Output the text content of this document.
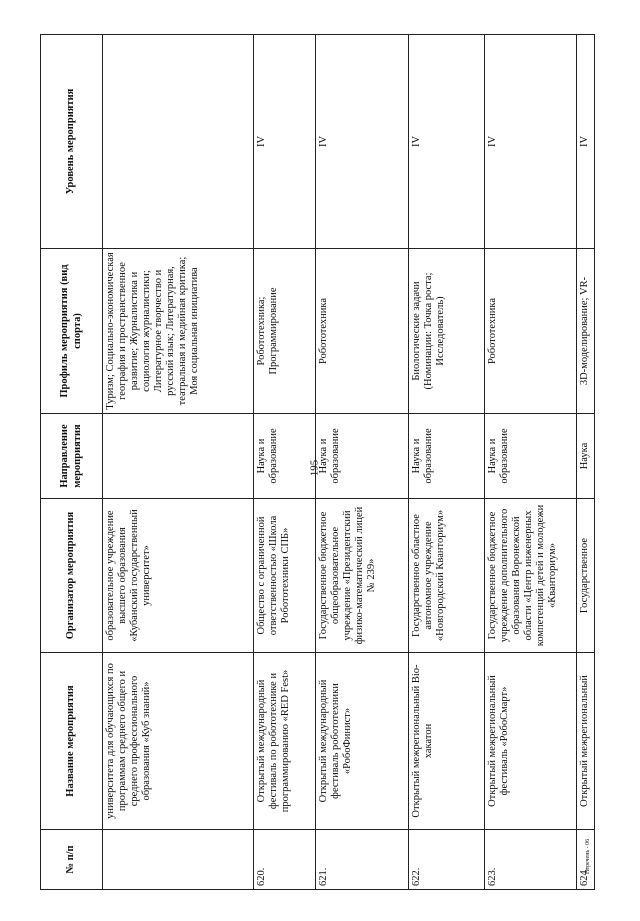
195
№ п/п	Название мероприятия	Организатор мероприятия	Направление мероприятия	Профиль мероприятия (вид спорта)	Уровень мероприятия
	университета для обучающихся по программам среднего общего и среднего профессионального образования «Куб знаний»	образовательное учреждение высшего образования «Кубанский государственный университет»		Туризм; Социально-экономическая география и пространственное развитие; Журналистика и социология журналистики; Литературное творчество и русский язык; Литературная, театральная и медийная критика; Моя социальная инициатива	
620.	Открытый международный фестиваль по робототехнике и программированию «RED Fest»	Общество с ограниченной ответственностью «Школа Робототехники СПБ»	Наука и образование	Робототехника; Программирование	IV
621.	Открытый международный фестиваль робототехники «РобоФинист»	Государственное бюджетное общеобразовательное учреждение «Президентский физико-математический лицей № 239»	Наука и образование	Робототехника	IV
622.	Открытый межрегиональный Bio-хакатон	Государственное областное автономное учреждение «Новгородский Кванториум»	Наука и образование	Биологические задачи (Номинации: Точка роста; Исследователь)	IV
623.	Открытый межрегиональный фестиваль «РобоСмарт»	Государственное бюджетное учреждение дополнительного образования Воронежской области «Центр инженерных компетенций детей и молодежи «Кванториум»	Наука и образование	Робототехника	IV
624.	Открытый межрегиональный	Государственное	Наука	3D-моделирование; VR-	IV
Перечень - 06
